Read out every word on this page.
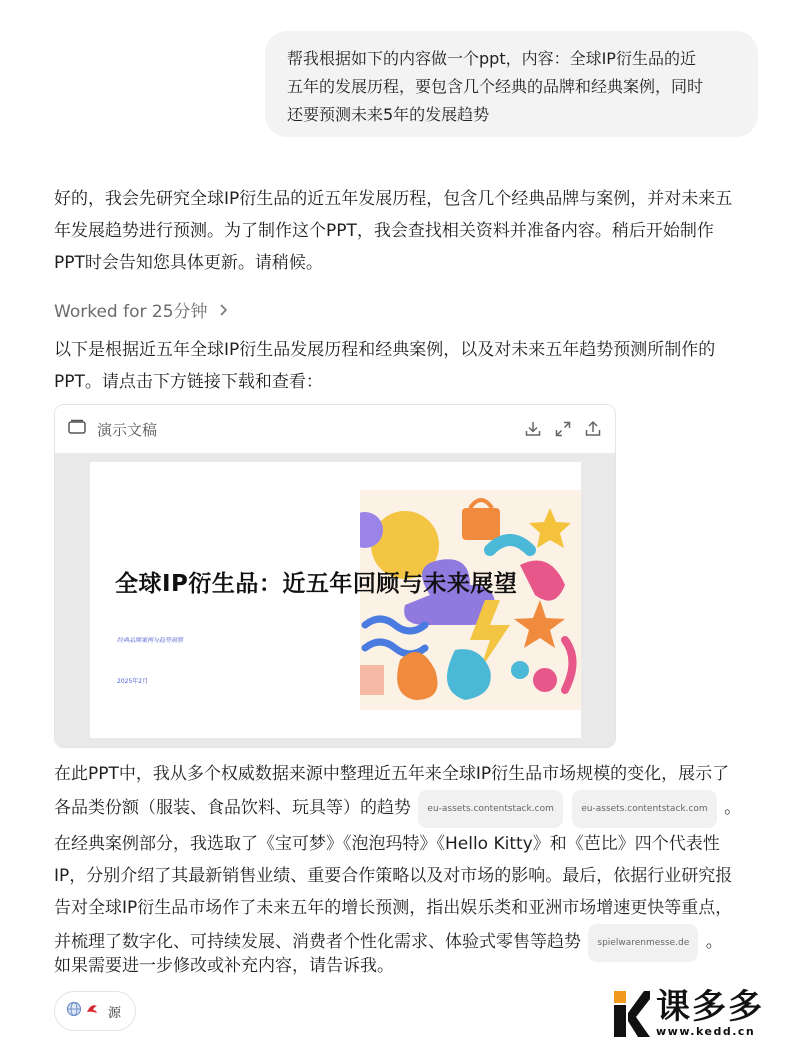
帮我根据如下的内容做一个ppt，内容：全球IP衍生品的近
五年的发展历程，要包含几个经典的品牌和经典案例，同时
还要预测未来5年的发展趋势
好的，我会先研究全球IP衍生品的近五年发展历程，包含几个经典品牌与案例，并对未来五
年发展趋势进行预测。为了制作这个PPT，我会查找相关资料并准备内容。稍后开始制作
PPT时会告知您具体更新。请稍候。
Worked for 25分钟
以下是根据近五年全球IP衍生品发展历程和经典案例，以及对未来五年趋势预测所制作的
PPT。请点击下方链接下载和查看：
演示文稿
全球IP衍生品：近五年回顾与未来展望
经典品牌案例与趋势洞察
2025年2月
在此PPT中，我从多个权威数据来源中整理近五年来全球IP衍生品市场规模的变化，展示了
各品类份额（服装、食品饮料、玩具等）的趋势 eu-assets.contentstack.com	eu-assets.contentstack.com 。
在经典案例部分，我选取了《宝可梦》《泡泡玛特》《Hello Kitty》和《芭比》四个代表性
IP，分别介绍了其最新销售业绩、重要合作策略以及对市场的影响。最后，依据行业研究报
告对全球IP衍生品市场作了未来五年的增长预测，指出娱乐类和亚洲市场增速更快等重点，
并梳理了数字化、可持续发展、消费者个性化需求、体验式零售等趋势 spielwarenmesse.de 。
如果需要进一步修改或补充内容，请告诉我。
源	课多多
www.kedd.cn
